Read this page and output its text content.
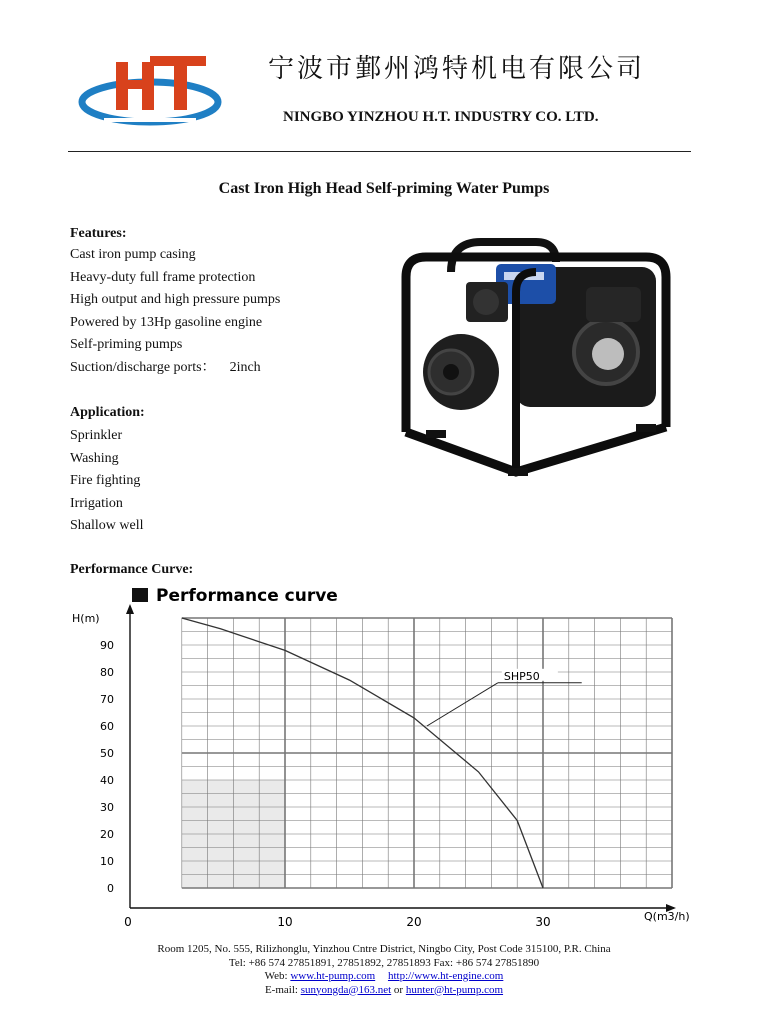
宁波市鄞州鸿特机电有限公司
NINGBO YINZHOU H.T. INDUSTRY CO. LTD.
Cast Iron High Head Self-priming Water Pumps
Features:
Cast iron pump casing
Heavy-duty full frame protection
High output and high pressure pumps
Powered by 13Hp gasoline engine
Self-priming pumps
Suction/discharge ports： 2inch
Application:
Sprinkler
Washing
Fire fighting
Irrigation
Shallow well
Performance Curve:
Performance curve
0
10
20
30
40
50
60
70
80
90
0	10	20	30
SHP50
H(m)
Q(m3/h)
Room 1205, No. 555, Rilizhonglu, Yinzhou Cntre District, Ningbo City, Post Code 315100, P.R. China
Tel: +86 574 27851891, 27851892, 27851893 Fax: +86 574 27851890
Web: www.ht-pump.com http://www.ht-engine.com
E-mail: sunyongda@163.net or hunter@ht-pump.com
